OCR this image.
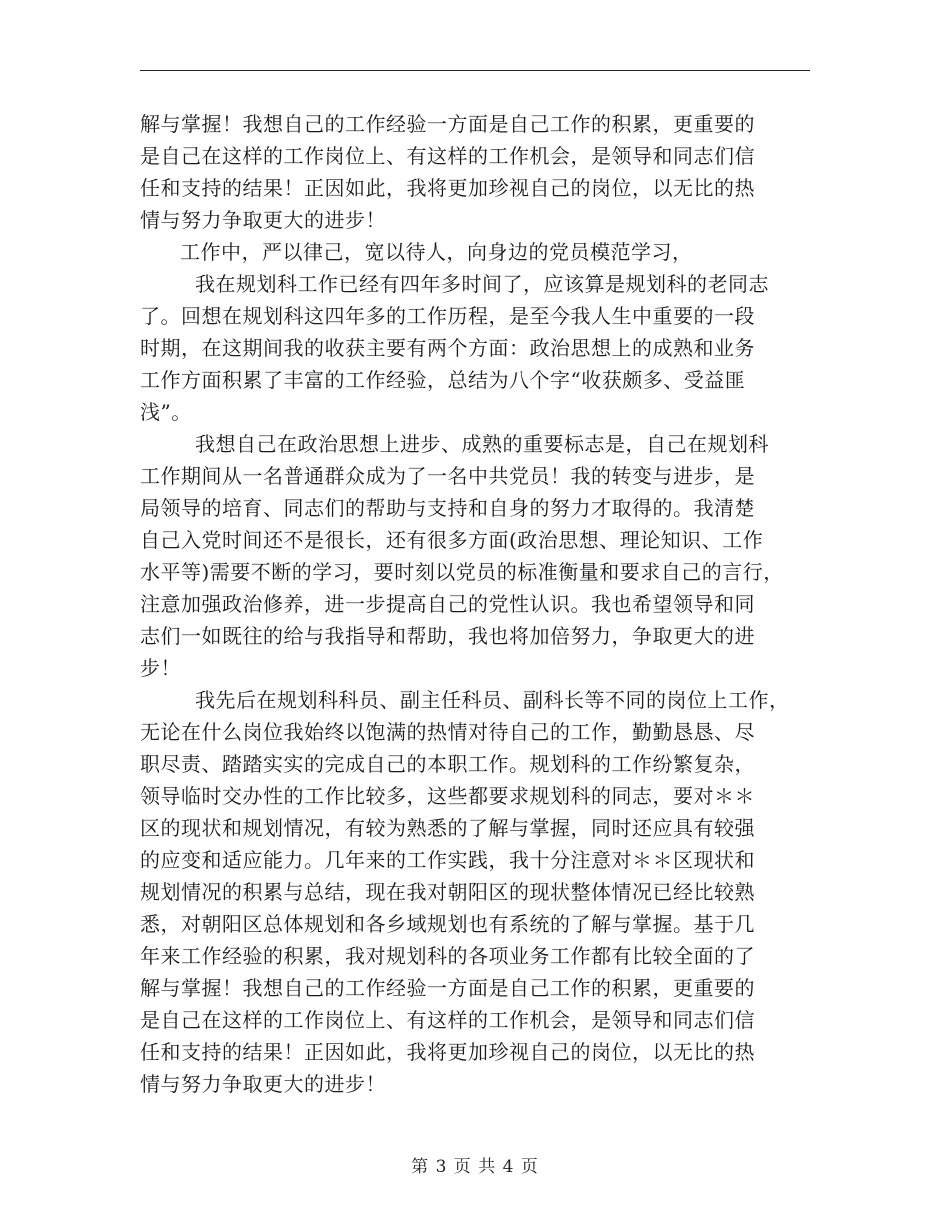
解与掌握！我想自己的工作经验一方面是自己工作的积累，更重要的
是自己在这样的工作岗位上、有这样的工作机会，是领导和同志们信
任和支持的结果！正因如此，我将更加珍视自己的岗位，以无比的热
情与努力争取更大的进步！
工作中，严以律己，宽以待人，向身边的党员模范学习，
我在规划科工作已经有四年多时间了，应该算是规划科的老同志
了。回想在规划科这四年多的工作历程，是至今我人生中重要的一段
时期，在这期间我的收获主要有两个方面：政治思想上的成熟和业务
工作方面积累了丰富的工作经验，总结为八个字“收获颇多、受益匪
浅”。
我想自己在政治思想上进步、成熟的重要标志是，自己在规划科
工作期间从一名普通群众成为了一名中共党员！我的转变与进步，是
局领导的培育、同志们的帮助与支持和自身的努力才取得的。我清楚
自己入党时间还不是很长，还有很多方面(政治思想、理论知识、工作
水平等)需要不断的学习，要时刻以党员的标准衡量和要求自己的言行，
注意加强政治修养，进一步提高自己的党性认识。我也希望领导和同
志们一如既往的给与我指导和帮助，我也将加倍努力，争取更大的进
步！
我先后在规划科科员、副主任科员、副科长等不同的岗位上工作，
无论在什么岗位我始终以饱满的热情对待自己的工作，勤勤恳恳、尽
职尽责、踏踏实实的完成自己的本职工作。规划科的工作纷繁复杂，
领导临时交办性的工作比较多，这些都要求规划科的同志，要对＊＊
区的现状和规划情况，有较为熟悉的了解与掌握，同时还应具有较强
的应变和适应能力。几年来的工作实践，我十分注意对＊＊区现状和
规划情况的积累与总结，现在我对朝阳区的现状整体情况已经比较熟
悉，对朝阳区总体规划和各乡域规划也有系统的了解与掌握。基于几
年来工作经验的积累，我对规划科的各项业务工作都有比较全面的了
解与掌握！我想自己的工作经验一方面是自己工作的积累，更重要的
是自己在这样的工作岗位上、有这样的工作机会，是领导和同志们信
任和支持的结果！正因如此，我将更加珍视自己的岗位，以无比的热
情与努力争取更大的进步！
第 3 页 共 4 页
